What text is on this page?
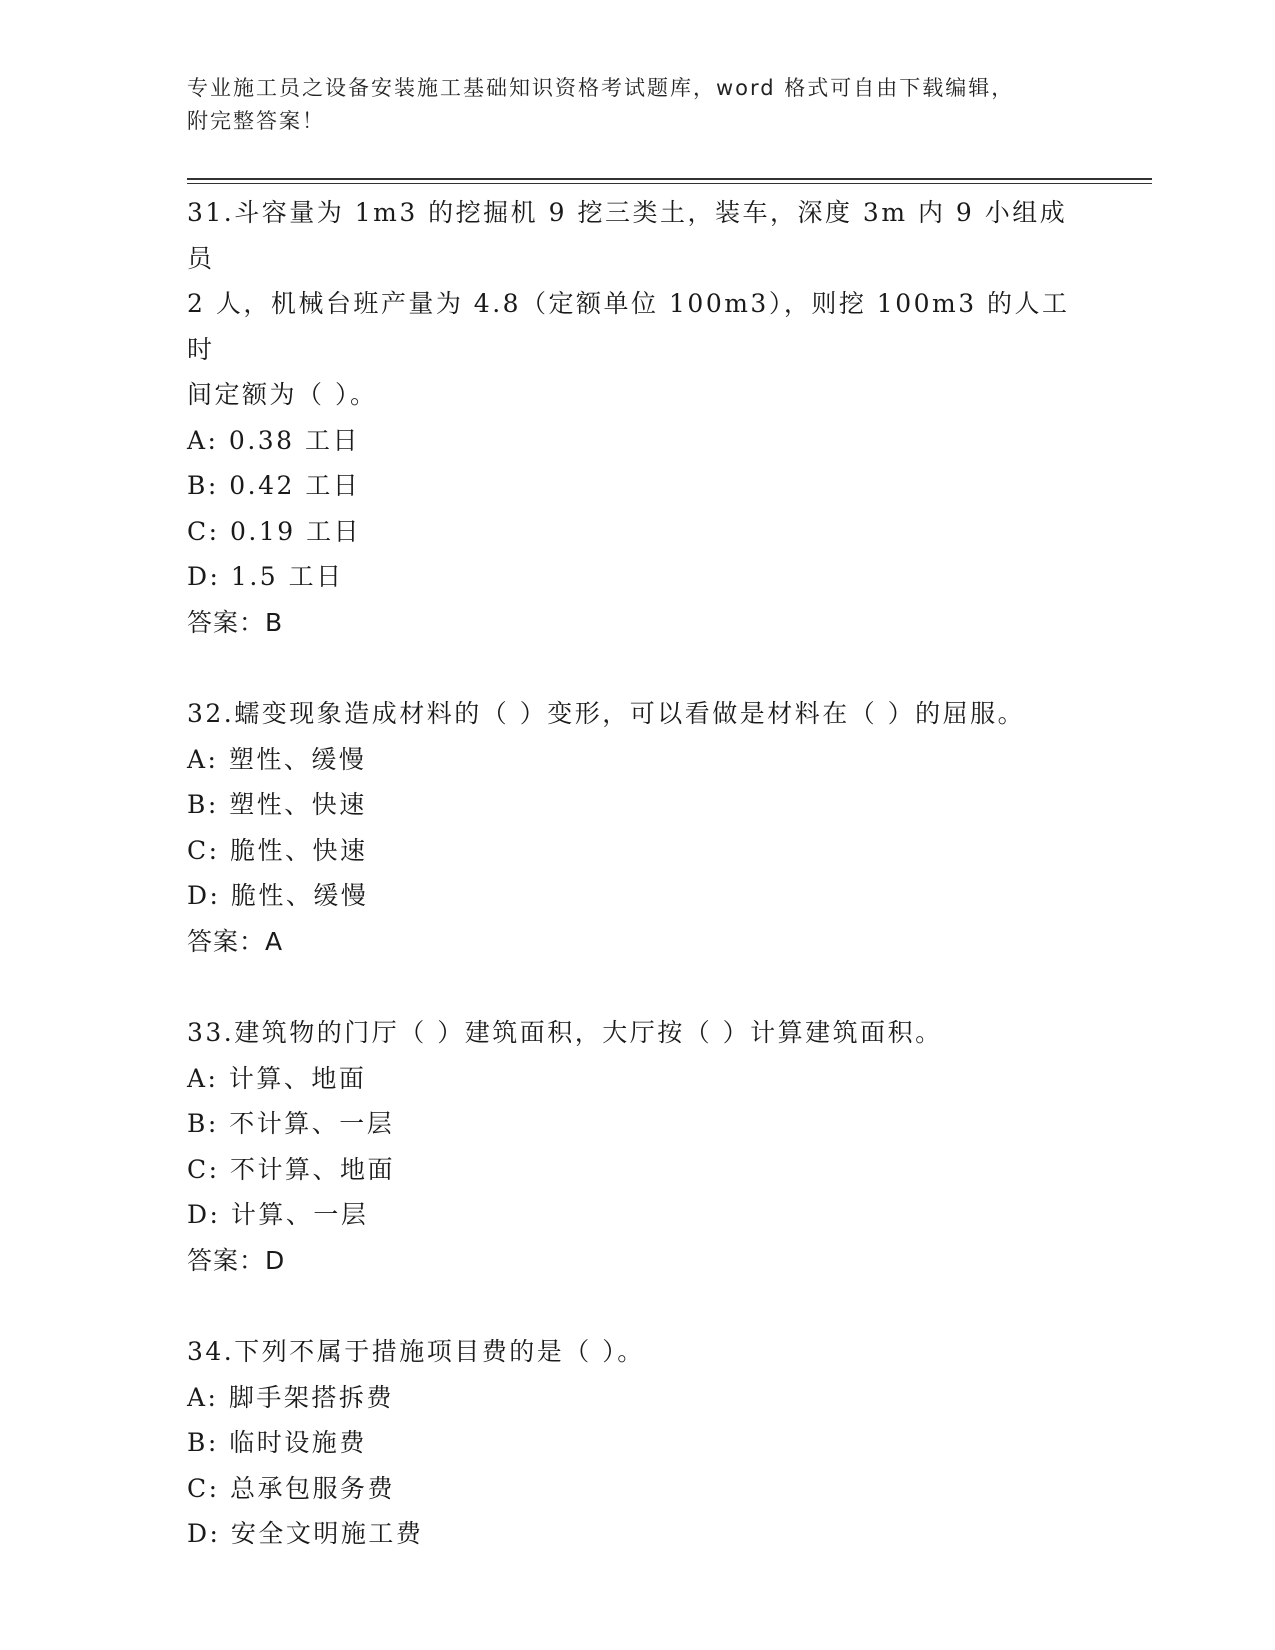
专业施工员之设备安装施工基础知识资格考试题库，word 格式可自由下载编辑，
附完整答案！
31.斗容量为 1m3 的挖掘机 9 挖三类土，装车，深度 3m 内 9 小组成员
2 人，机械台班产量为 4.8（定额单位 100m3），则挖 100m3 的人工时
间定额为（ ）。
A: 0.38 工日
B: 0.42 工日
C: 0.19 工日
D: 1.5 工日
答案：B
32.蠕变现象造成材料的（ ）变形，可以看做是材料在（ ）的屈服。
A: 塑性、缓慢
B: 塑性、快速
C: 脆性、快速
D: 脆性、缓慢
答案：A
33.建筑物的门厅（ ）建筑面积，大厅按（ ）计算建筑面积。
A: 计算、地面
B: 不计算、一层
C: 不计算、地面
D: 计算、一层
答案：D
34.下列不属于措施项目费的是（ ）。
A: 脚手架搭拆费
B: 临时设施费
C: 总承包服务费
D: 安全文明施工费
